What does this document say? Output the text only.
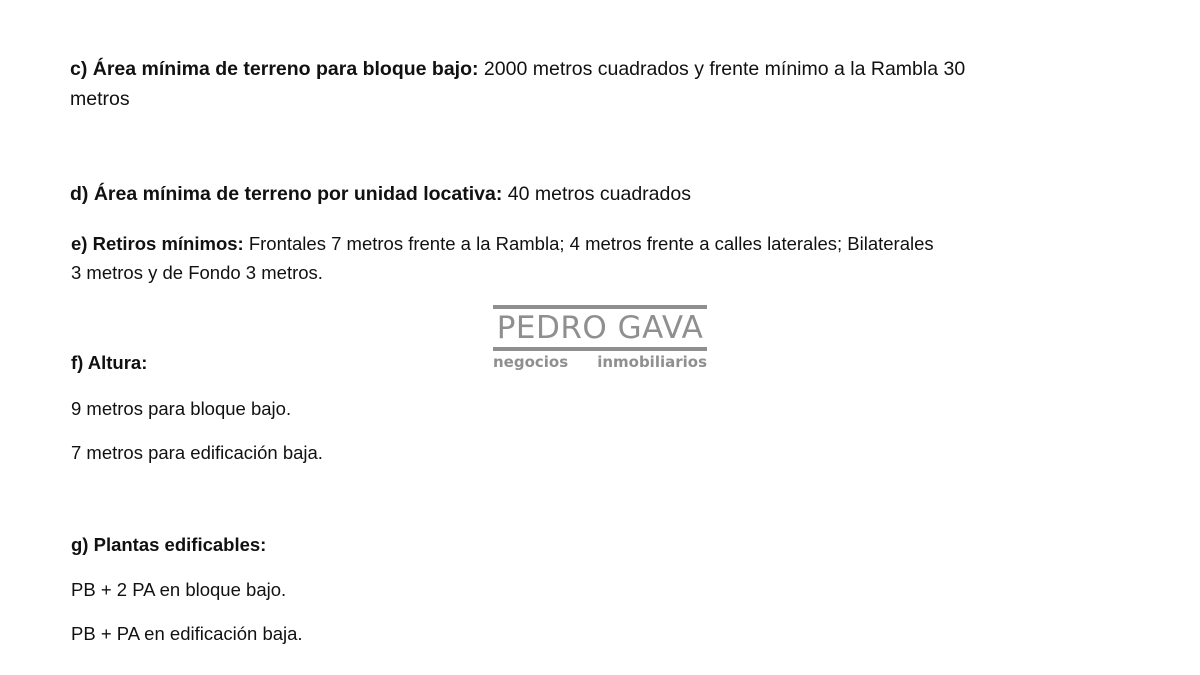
c) Área mínima de terreno para bloque bajo: 2000 metros cuadrados y frente mínimo a la Rambla 30
metros
d) Área mínima de terreno por unidad locativa: 40 metros cuadrados
e) Retiros mínimos: Frontales 7 metros frente a la Rambla; 4 metros frente a calles laterales; Bilaterales
3 metros y de Fondo 3 metros.
PEDRO GAVA
negocios inmobiliarios
f) Altura:
9 metros para bloque bajo.
7 metros para edificación baja.
g) Plantas edificables:
PB + 2 PA en bloque bajo.
PB + PA en edificación baja.
